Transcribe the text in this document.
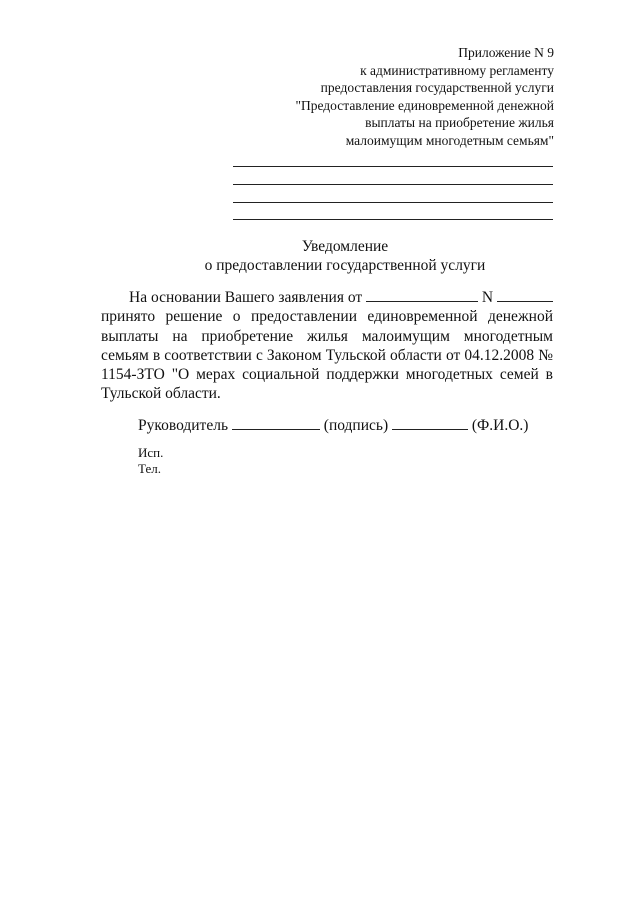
Приложение N 9
к административному регламенту
предоставления государственной услуги
"Предоставление единовременной денежной
выплаты на приобретение жилья
малоимущим многодетным семьям"
Уведомление
о предоставлении государственной услуги
На основании Вашего заявления от	N
принято решение о предоставлении единовременной денежной выплаты на приобретение жилья малоимущим многодетным семьям в соответствии с Законом Тульской области от 04.12.2008 № 1154-ЗТО "О мерах социальной поддержки многодетных семей в Тульской области.
Руководитель	(подпись)	(Ф.И.О.)
Исп.
Тел.
